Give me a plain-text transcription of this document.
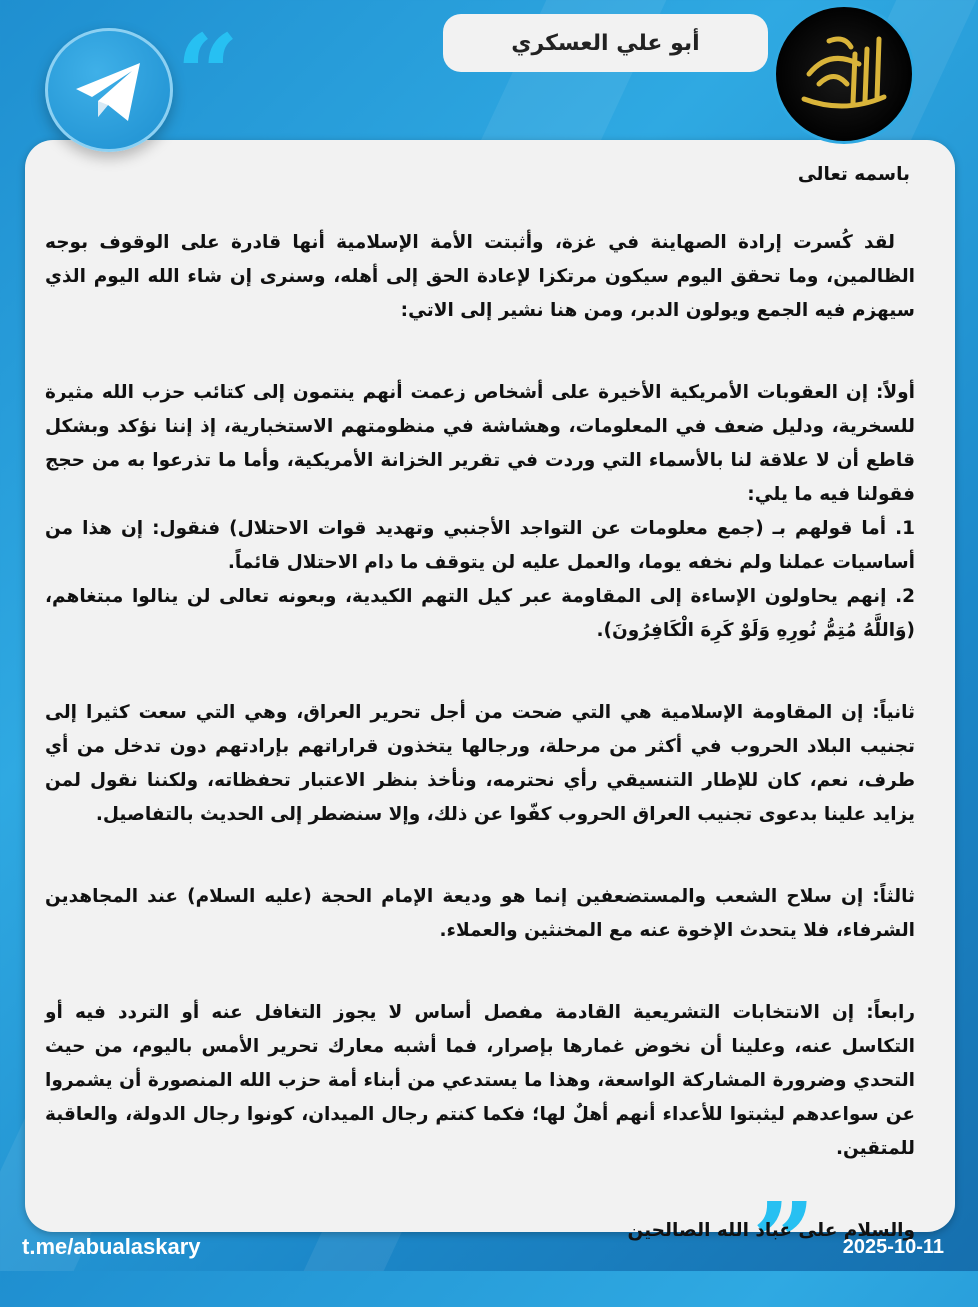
أبو علي العسكري
“
”

باسمه تعالى

لقد كُسرت إرادة الصهاينة في غزة، وأثبتت الأمة الإسلامية أنها قادرة على الوقوف بوجه الظالمين، وما تحقق اليوم سيكون مرتكزا لإعادة الحق إلى أهله، وسنرى إن شاء الله اليوم الذي سيهزم فيه الجمع ويولون الدبر، ومن هنا نشير إلى الاتي:

أولاً: إن العقوبات الأمريكية الأخيرة على أشخاص زعمت أنهم ينتمون إلى كتائب حزب الله مثيرة للسخرية، ودليل ضعف في المعلومات، وهشاشة في منظومتهم الاستخبارية، إذ إننا نؤكد وبشكل قاطع أن لا علاقة لنا بالأسماء التي وردت في تقرير الخزانة الأمريكية، وأما ما تذرعوا به من حجج فقولنا فيه ما يلي:

1. أما قولهم بـ (جمع معلومات عن التواجد الأجنبي وتهديد قوات الاحتلال) فنقول: إن هذا من أساسيات عملنا ولم نخفه يوما، والعمل عليه لن يتوقف ما دام الاحتلال قائماً.

2. إنهم يحاولون الإساءة إلى المقاومة عبر كيل التهم الكيدية، وبعونه تعالى لن ينالوا مبتغاهم، (وَاللَّهُ مُتِمُّ نُورِهِ وَلَوْ كَرِهَ الْكَافِرُونَ).

ثانياً: إن المقاومة الإسلامية هي التي ضحت من أجل تحرير العراق، وهي التي سعت كثيرا إلى تجنيب البلاد الحروب في أكثر من مرحلة، ورجالها يتخذون قراراتهم بإرادتهم دون تدخل من أي طرف، نعم، كان للإطار التنسيقي رأي نحترمه، ونأخذ بنظر الاعتبار تحفظاته، ولكننا نقول لمن يزايد علينا بدعوى تجنيب العراق الحروب كفّوا عن ذلك، وإلا سنضطر إلى الحديث بالتفاصيل.

ثالثاً: إن سلاح الشعب والمستضعفين إنما هو وديعة الإمام الحجة (عليه السلام) عند المجاهدين الشرفاء، فلا يتحدث الإخوة عنه مع المخنثين والعملاء.

رابعاً: إن الانتخابات التشريعية القادمة مفصل أساس لا يجوز التغافل عنه أو التردد فيه أو التكاسل عنه، وعلينا أن نخوض غمارها بإصرار، فما أشبه معارك تحرير الأمس باليوم، من حيث التحدي وضرورة المشاركة الواسعة، وهذا ما يستدعي من أبناء أمة حزب الله المنصورة أن يشمروا عن سواعدهم ليثبتوا للأعداء أنهم أهلٌ لها؛ فكما كنتم رجال الميدان، كونوا رجال الدولة، والعاقبة للمتقين.

والسلام على عباد الله الصالحين

t.me/abualaskary	2025-10-11
